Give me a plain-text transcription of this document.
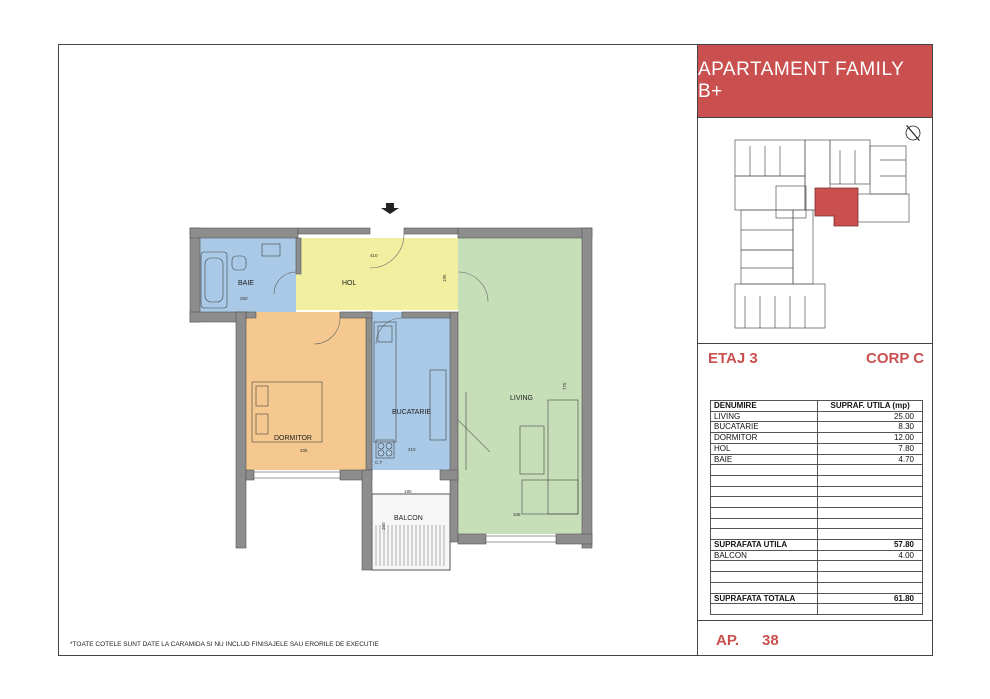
APARTAMENT FAMILY B+
ETAJ 3	CORP C
BAIE	HOL
LIVING
DORMITOR
BUCATARIE
BALCON
250
410
195
775
335
335	210
180
250
C.T
DENUMIRE	SUPRAF. UTILA (mp)
LIVING	25.00
BUCATARIE	8.30
DORMITOR	12.00
HOL	7.80
BAIE	4.70

SUPRAFATA UTILA	57.80
BALCON	4.00

SUPRAFATA TOTALA	61.80

AP. 38
*TOATE COTELE SUNT DATE LA CARAMIDA SI NU INCLUD FINISAJELE SAU ERORILE DE EXECUTIE
